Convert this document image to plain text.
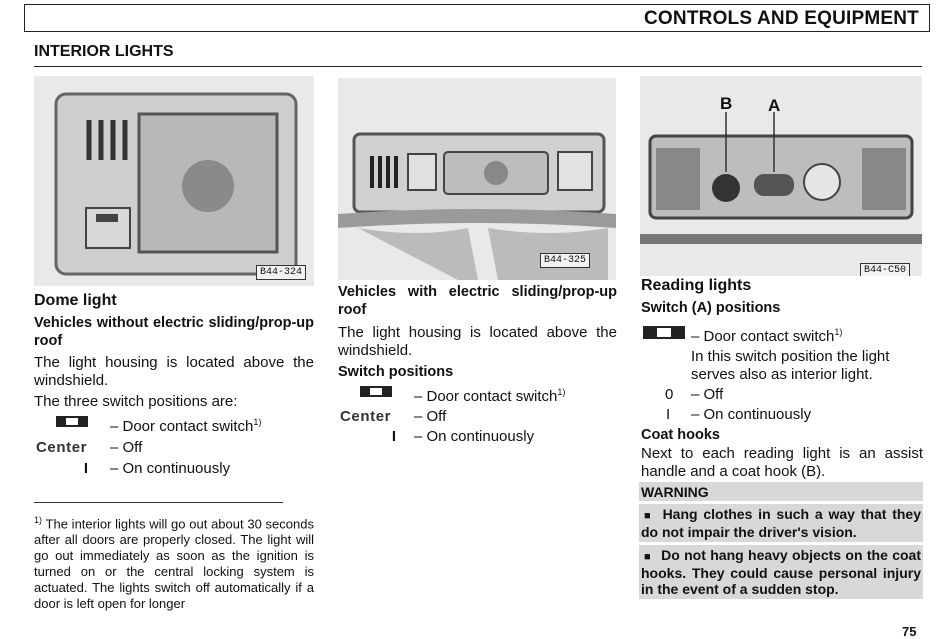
CONTROLS AND EQUIPMENT
INTERIOR LIGHTS
B44-324
B44-325
B A
B44-C50
Dome light
Vehicles without electric sliding/prop-up roof

The light housing is located above the windshield.

The three switch positions are:

– Door contact switch$^{1)}$
Center	– Off
I	– On continuously
$^{1)}$ The interior lights will go out about 30 seconds after all doors are properly closed. The light will go out immediately as soon as the ignition is turned on or the central locking system is actuated. The lights switch off automatically if a door is left open for longer
Vehicles with electric sliding/prop-up roof

The light housing is located above the windshield.

Switch positions
– Door contact switch$^{1)}$
Center	– Off
I	– On continuously
Reading lights
Switch (A) positions
– Door contact switch$^{1)}$

In this switch position the light serves also as interior light.

0	– Off
I	– On continuously
Coat hooks

Next to each reading light is an assist handle and a coat hook (B).

WARNING
■ Hang clothes in such a way that they do not impair the driver's vision.
■ Do not hang heavy objects on the coat hooks. They could cause personal injury in the event of a sudden stop.
75
